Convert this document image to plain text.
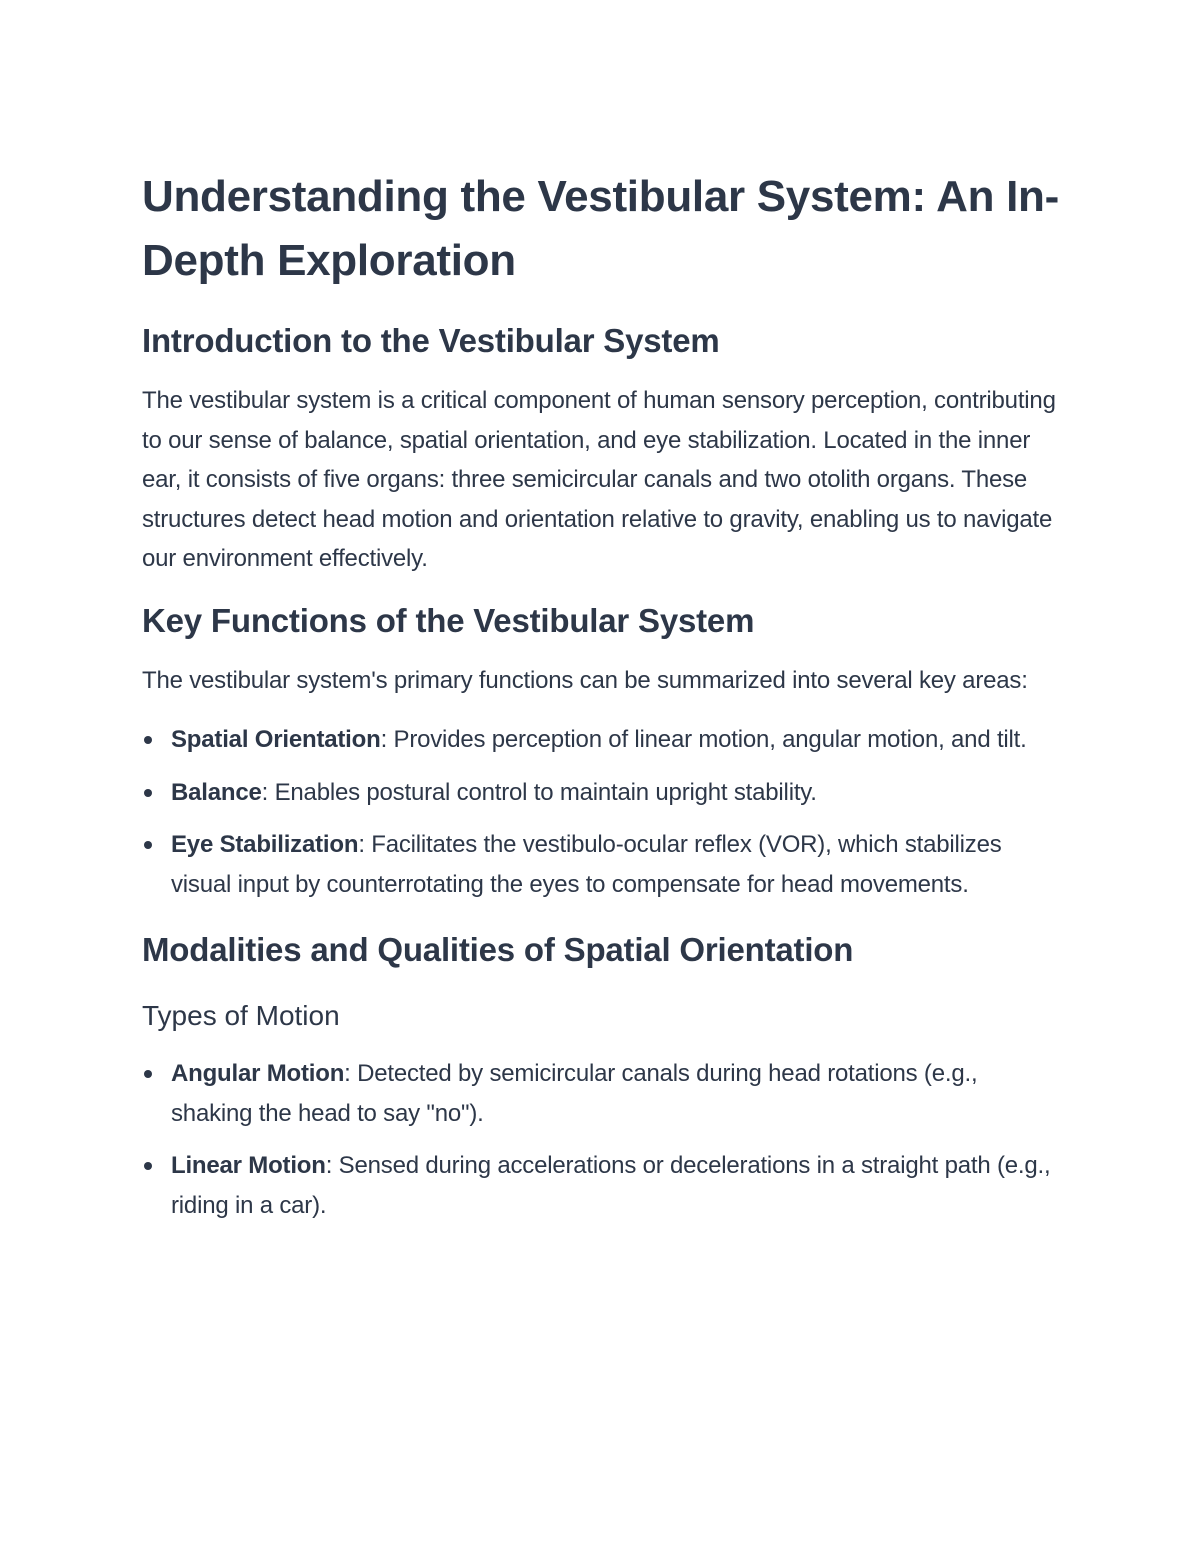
Understanding the Vestibular System: An In-Depth Exploration
Introduction to the Vestibular System

The vestibular system is a critical component of human sensory perception, contributing to our sense of balance, spatial orientation, and eye stabilization. Located in the inner ear, it consists of five organs: three semicircular canals and two otolith organs. These structures detect head motion and orientation relative to gravity, enabling us to navigate our environment effectively.

Key Functions of the Vestibular System

The vestibular system's primary functions can be summarized into several key areas:

Spatial Orientation: Provides perception of linear motion, angular motion, and tilt.
Balance: Enables postural control to maintain upright stability.
Eye Stabilization: Facilitates the vestibulo-ocular reflex (VOR), which stabilizes visual input by counterrotating the eyes to compensate for head movements.
Modalities and Qualities of Spatial Orientation
Types of Motion
Angular Motion: Detected by semicircular canals during head rotations (e.g., shaking the head to say "no").
Linear Motion: Sensed during accelerations or decelerations in a straight path (e.g., riding in a car).
